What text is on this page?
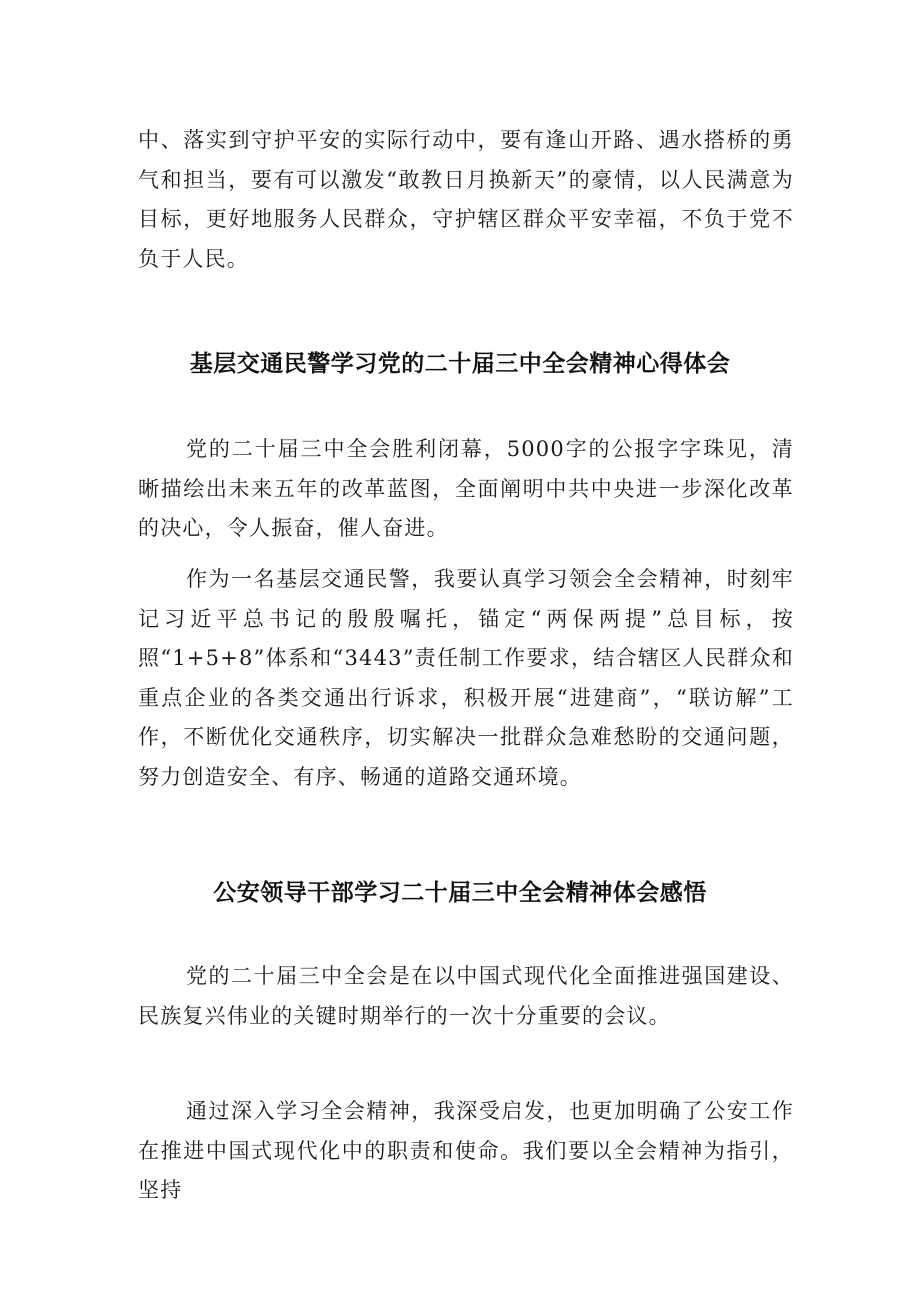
中、落实到守护平安的实际行动中，要有逢山开路、遇水搭桥的勇气和担当，要有可以激发“敢教日月换新天”的豪情，以人民满意为目标，更好地服务人民群众，守护辖区群众平安幸福，不负于党不负于人民。

基层交通民警学习党的二十届三中全会精神心得体会

党的二十届三中全会胜利闭幕，5000字的公报字字珠见，清晰描绘出未来五年的改革蓝图，全面阐明中共中央进一步深化改革的决心，令人振奋，催人奋进。

作为一名基层交通民警，我要认真学习领会全会精神，时刻牢记习近平总书记的殷殷嘱托，锚定“两保两提”总目标，按照“1+5+8”体系和“3443”责任制工作要求，结合辖区人民群众和重点企业的各类交通出行诉求，积极开展“进建商”，“联访解”工作，不断优化交通秩序，切实解决一批群众急难愁盼的交通问题，努力创造安全、有序、畅通的道路交通环境。

公安领导干部学习二十届三中全会精神体会感悟

党的二十届三中全会是在以中国式现代化全面推进强国建设、民族复兴伟业的关键时期举行的一次十分重要的会议。

通过深入学习全会精神，我深受启发，也更加明确了公安工作在推进中国式现代化中的职责和使命。我们要以全会精神为指引，坚持
